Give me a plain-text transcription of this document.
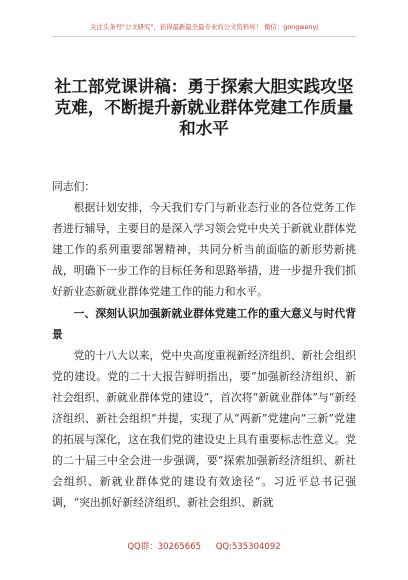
关注头条号"公文研究"，获得最新最全最专业的公文资料库！ 微信：gongwenyj
社工部党课讲稿：勇于探索大胆实践攻坚克难，不断提升新就业群体党建工作质量和水平

同志们：

根据计划安排，今天我们专门与新业态行业的各位党务工作者进行辅导，主要目的是深入学习领会党中央关于新就业群体党建工作的系列重要部署精神，共同分析当前面临的新形势新挑战，明确下一步工作的目标任务和思路举措，进一步提升我们抓好新业态新就业群体党建工作的能力和水平。

一、深刻认识加强新就业群体党建工作的重大意义与时代背景

党的十八大以来，党中央高度重视新经济组织、新社会组织党的建设。党的二十大报告鲜明指出，要“加强新经济组织、新社会组织、新就业群体党的建设”，首次将“新就业群体”与“新经济组织、新社会组织”并提，实现了从“两新”党建向“三新”党建的拓展与深化，这在我们党的建设史上具有重要标志性意义。党的二十届三中全会进一步强调，要“探索加强新经济组织、新社会组织、新就业群体党的建设有效途径”。习近平总书记强调，“突出抓好新经济组织、新社会组织、新就

QQ群：30265665 QQ:535304092
